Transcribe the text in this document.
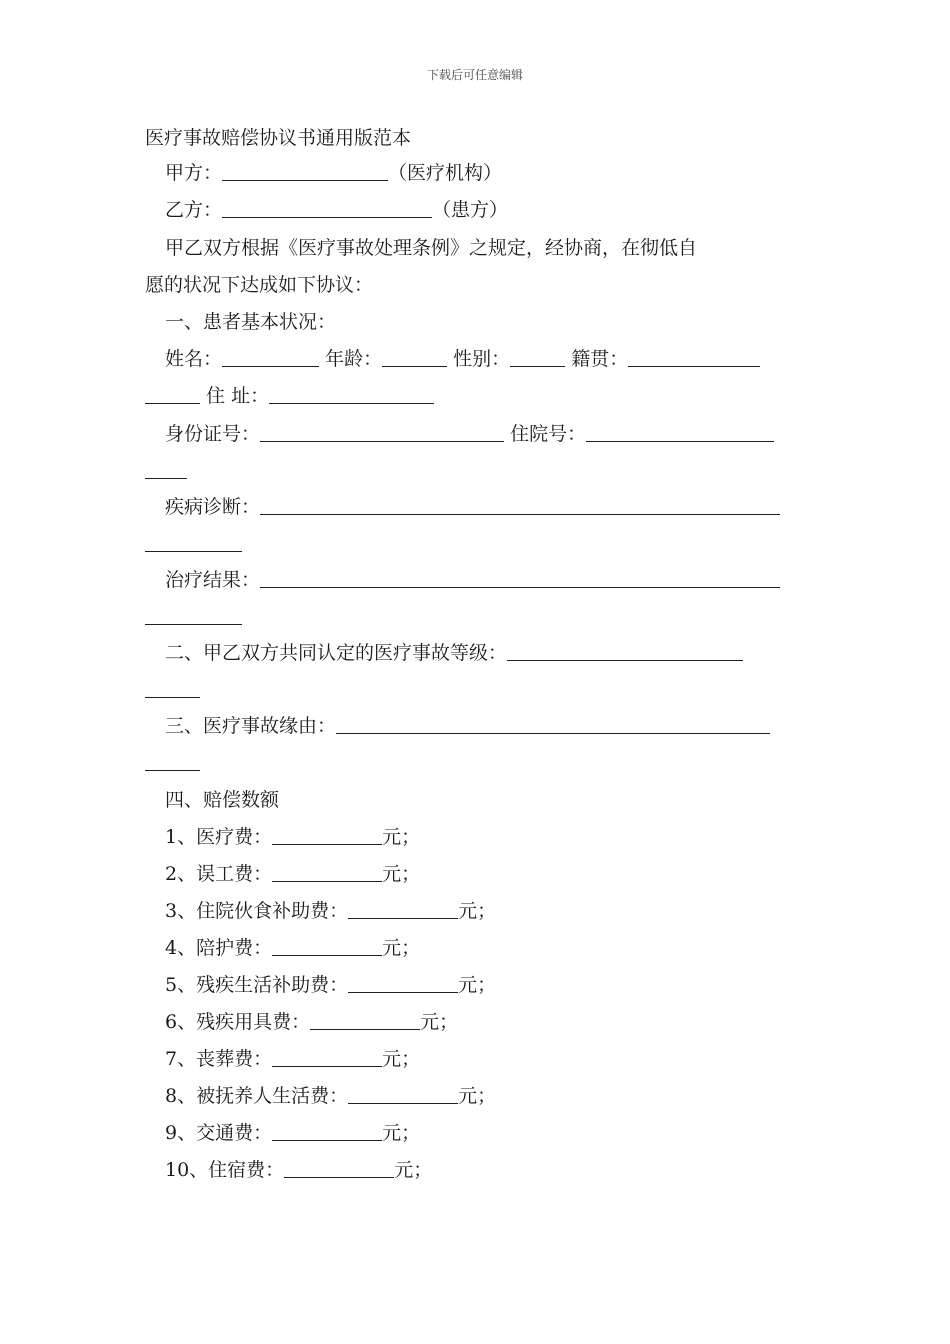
下载后可任意编辑
医疗事故赔偿协议书通用版范本
甲方：	（医疗机构）
乙方：	（患方）
甲乙双方根据《医疗事故处理条例》之规定，经协商，在彻低自
愿的状况下达成如下协议：
一、患者基本状况：
姓名：	年龄：	性别：	籍贯：
住 址：
身份证号：	住院号：
疾病诊断：
治疗结果：
二、甲乙双方共同认定的医疗事故等级：
三、医疗事故缘由：
四、赔偿数额
1、医疗费：	元；
2、误工费：	元；
3、住院伙食补助费：	元；
4、陪护费：	元；
5、残疾生活补助费：	元；
6、残疾用具费：	元；
7、丧葬费：	元；
8、被抚养人生活费：	元；
9、交通费：	元；
10、住宿费：	元；
